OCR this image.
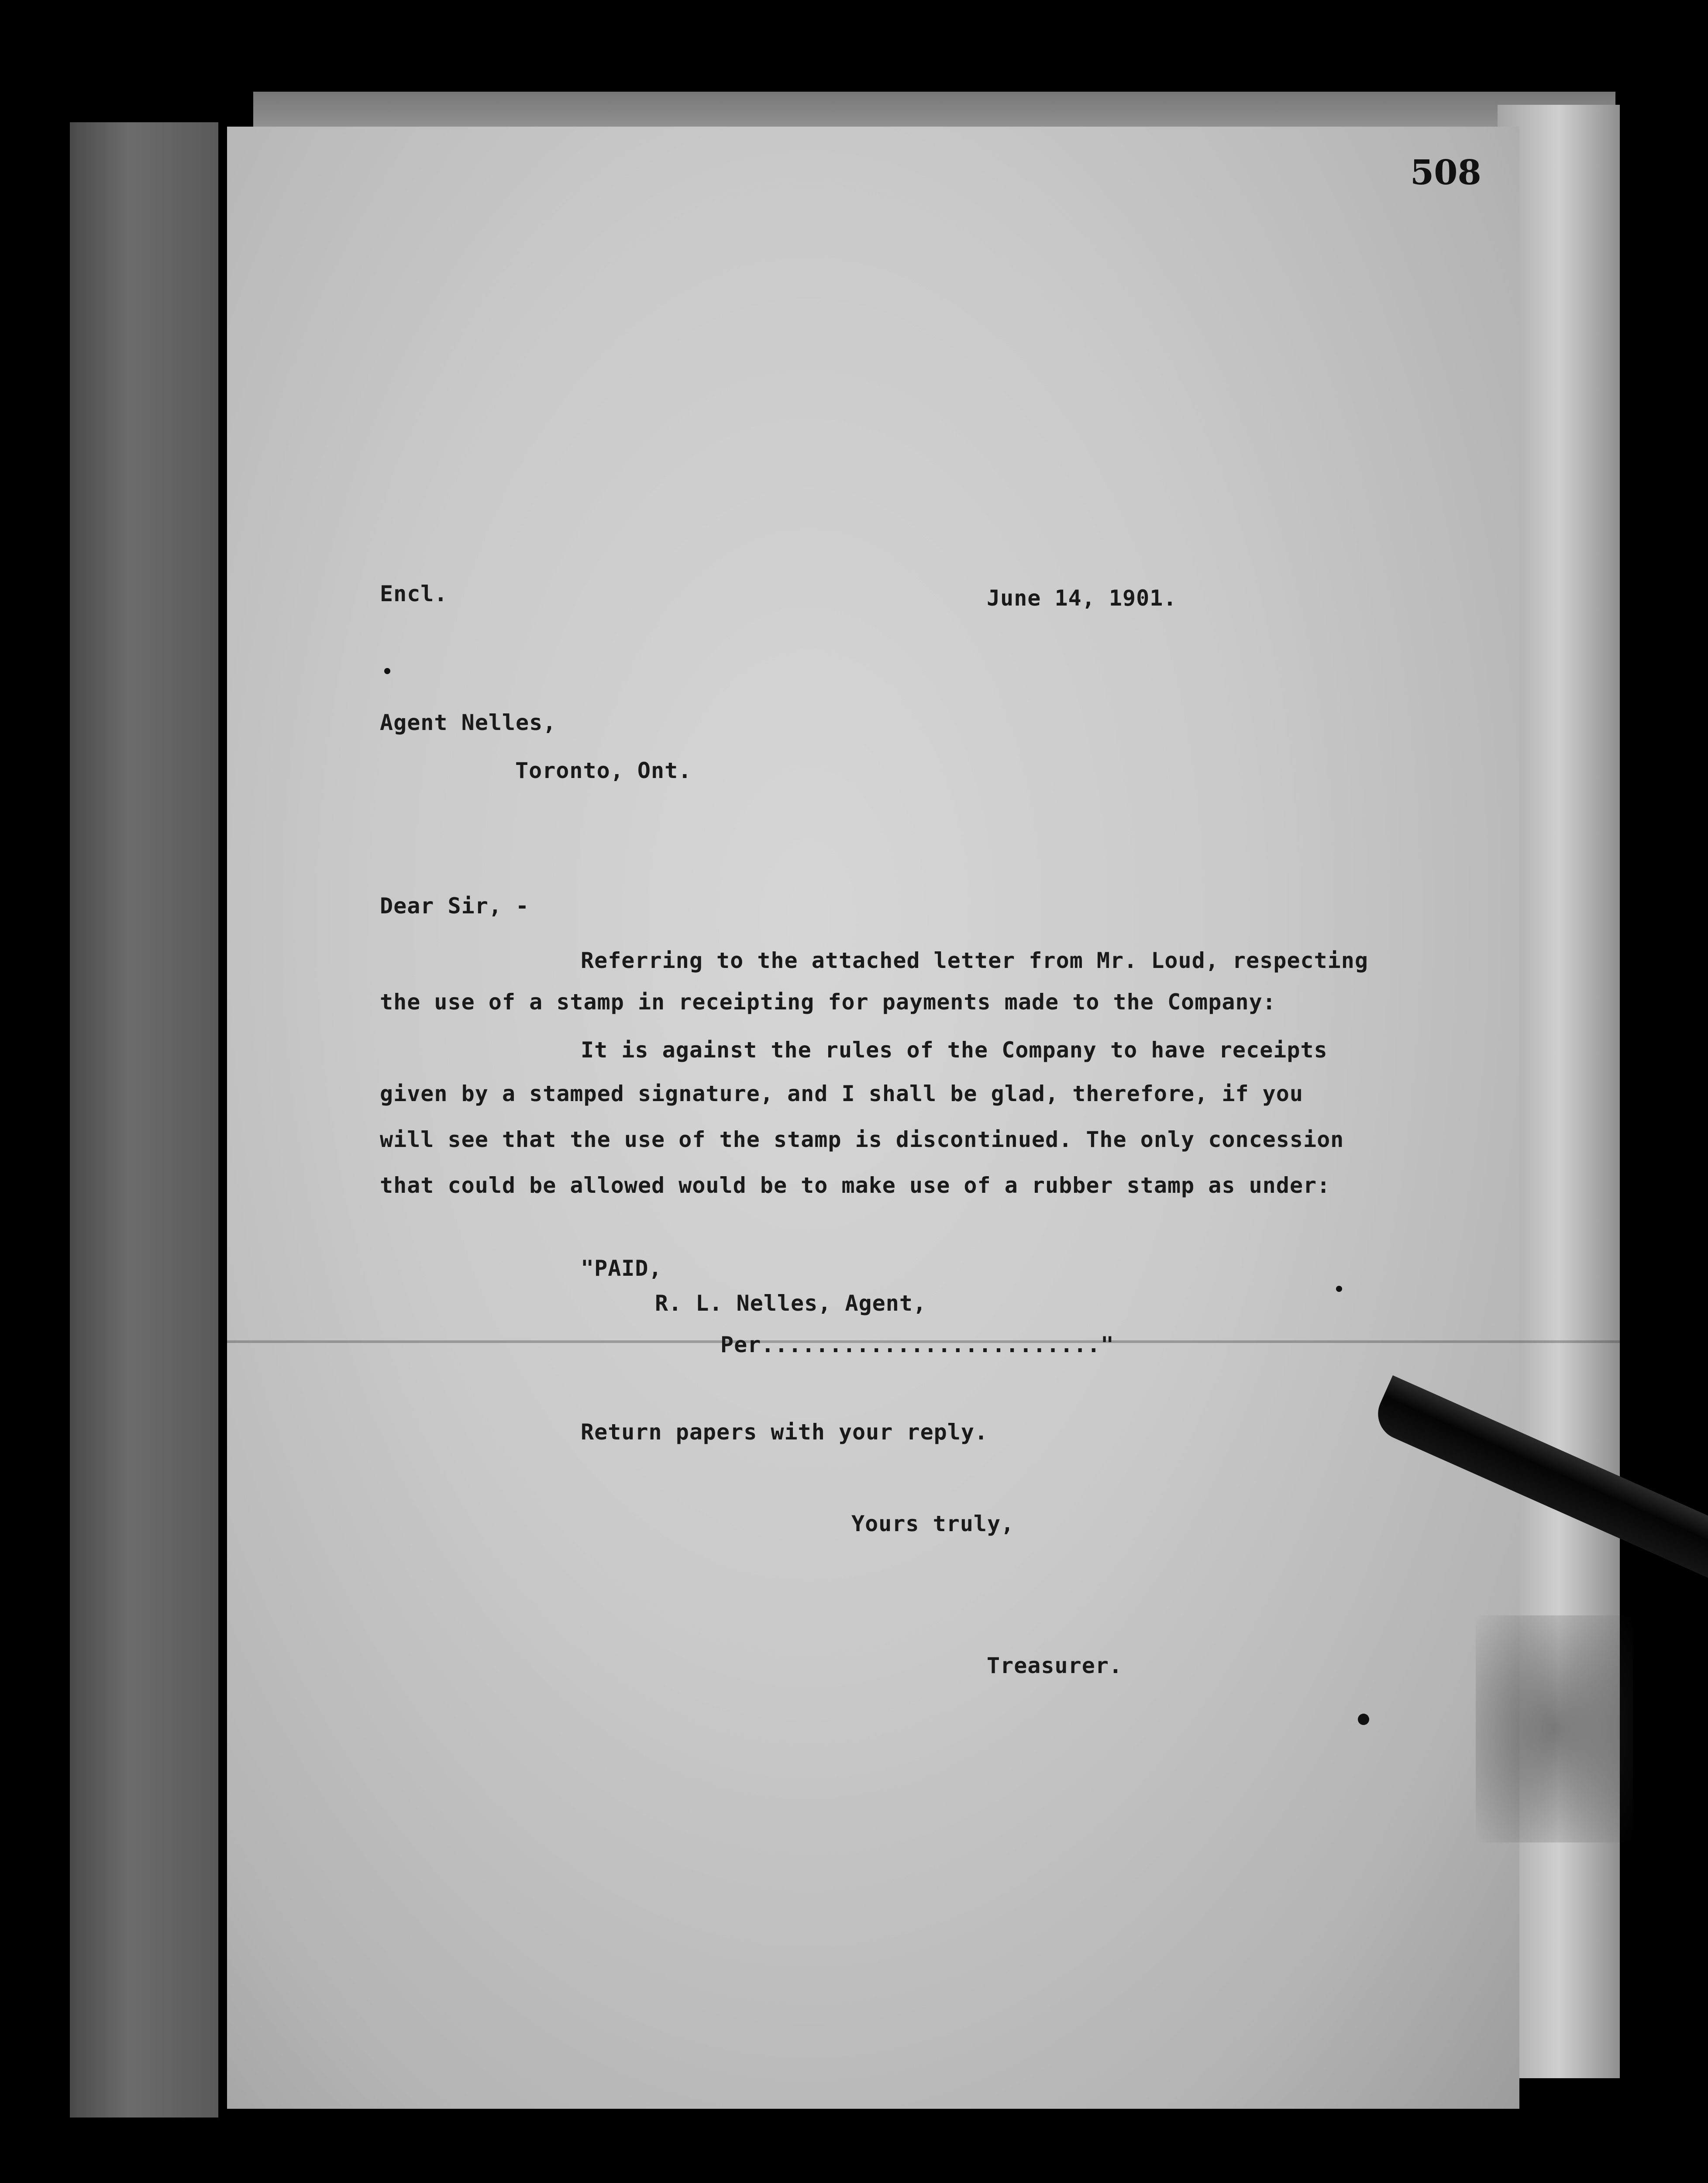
508
Encl.	June 14, 1901.
Agent Nelles,
Toronto, Ont.
Dear Sir, -
Referring to the attached letter from Mr. Loud, respecting
the use of a stamp in receipting for payments made to the Company:
It is against the rules of the Company to have receipts
given by a stamped signature, and I shall be glad, therefore, if you
will see that the use of the stamp is discontinued. The only concession
that could be allowed would be to make use of a rubber stamp as under:
"PAID,
R. L. Nelles, Agent,
Per........................."
Return papers with your reply.
Yours truly,
Treasurer.
